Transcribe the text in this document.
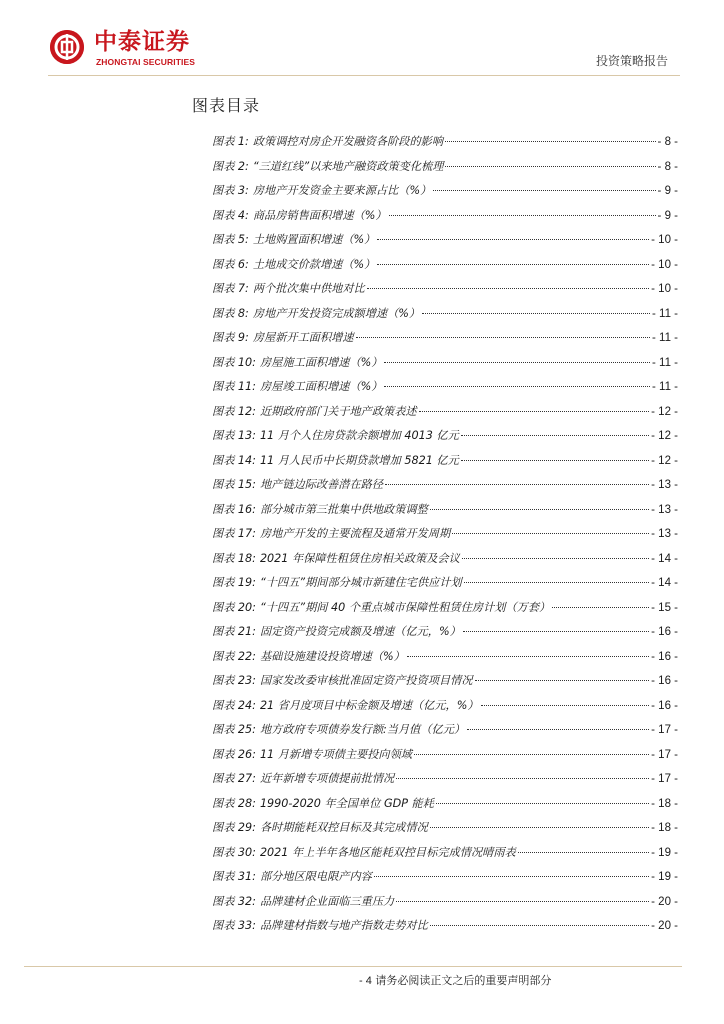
中泰证券
ZHONGTAI SECURITIES	投资策略报告
图表目录
图表 1: 政策调控对房企开发融资各阶段的影响	- 8 -
图表 2: “三道红线”以来地产融资政策变化梳理	- 8 -
图表 3: 房地产开发资金主要来源占比（%）	- 9 -
图表 4: 商品房销售面积增速（%）	- 9 -
图表 5: 土地购置面积增速（%）	- 10 -
图表 6: 土地成交价款增速（%）	- 10 -
图表 7: 两个批次集中供地对比	- 10 -
图表 8: 房地产开发投资完成额增速（%）	- 11 -
图表 9: 房屋新开工面积增速	- 11 -
图表 10: 房屋施工面积增速（%）	- 11 -
图表 11: 房屋竣工面积增速（%）	- 11 -
图表 12: 近期政府部门关于地产政策表述	- 12 -
图表 13: 11 月个人住房贷款余额增加 4013 亿元	- 12 -
图表 14: 11 月人民币中长期贷款增加 5821 亿元	- 12 -
图表 15: 地产链边际改善潜在路径	- 13 -
图表 16: 部分城市第三批集中供地政策调整	- 13 -
图表 17: 房地产开发的主要流程及通常开发周期	- 13 -
图表 18: 2021 年保障性租赁住房相关政策及会议	- 14 -
图表 19: “十四五”期间部分城市新建住宅供应计划	- 14 -
图表 20: “十四五”期间 40 个重点城市保障性租赁住房计划（万套）	- 15 -
图表 21: 固定资产投资完成额及增速（亿元，%）	- 16 -
图表 22: 基础设施建设投资增速（%）	- 16 -
图表 23: 国家发改委审核批准固定资产投资项目情况	- 16 -
图表 24: 21 省月度项目中标金额及增速（亿元，%）	- 16 -
图表 25: 地方政府专项债券发行额:当月值（亿元）	- 17 -
图表 26: 11 月新增专项债主要投向领域	- 17 -
图表 27: 近年新增专项债提前批情况	- 17 -
图表 28: 1990-2020 年全国单位 GDP 能耗	- 18 -
图表 29: 各时期能耗双控目标及其完成情况	- 18 -
图表 30: 2021 年上半年各地区能耗双控目标完成情况晴雨表	- 19 -
图表 31: 部分地区限电限产内容	- 19 -
图表 32: 品牌建材企业面临三重压力	- 20 -
图表 33: 品牌建材指数与地产指数走势对比	- 20 -
- 4 请务必阅读正文之后的重要声明部分
